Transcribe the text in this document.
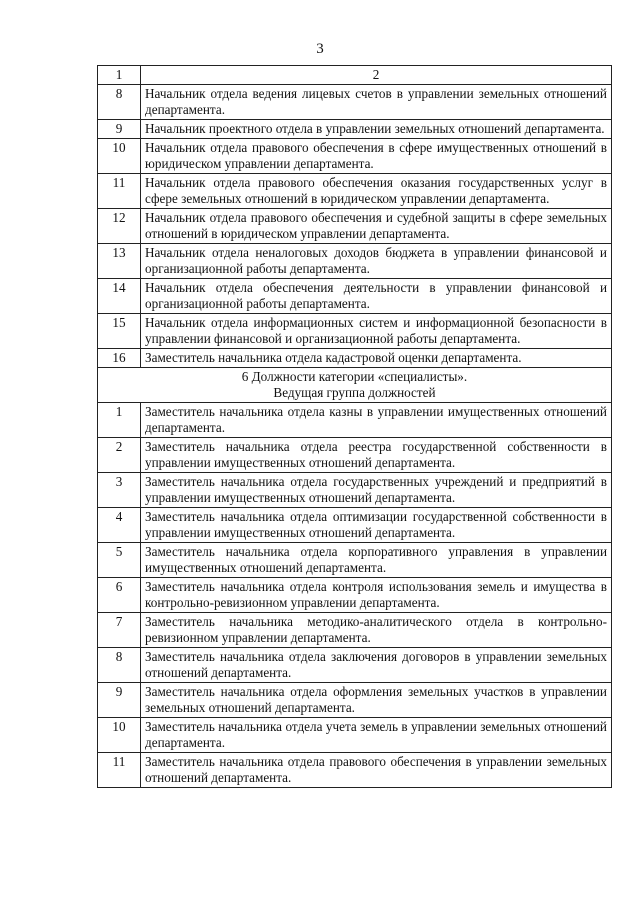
3
1	2
8	Начальник отдела ведения лицевых счетов в управлении земельных отношений департамента.
9	Начальник проектного отдела в управлении земельных отношений департамента.
10	Начальник отдела правового обеспечения в сфере имущественных отношений в юридическом управлении департамента.
11	Начальник отдела правового обеспечения оказания государственных услуг в сфере земельных отношений в юридическом управлении департамента.
12	Начальник отдела правового обеспечения и судебной защиты в сфере земельных отношений в юридическом управлении департамента.
13	Начальник отдела неналоговых доходов бюджета в управлении финансовой и организационной работы департамента.
14	Начальник отдела обеспечения деятельности в управлении финансовой и организационной работы департамента.
15	Начальник отдела информационных систем и информационной безопасности в управлении финансовой и организационной работы департамента.
16	Заместитель начальника отдела кадастровой оценки департамента.

6 Должности категории «специалисты».
Ведущая группа должностей	

1	Заместитель начальника отдела казны в управлении имущественных отношений департамента.
2	Заместитель начальника отдела реестра государственной собственности в управлении имущественных отношений департамента.
3	Заместитель начальника отдела государственных учреждений и предприятий в управлении имущественных отношений департамента.
4	Заместитель начальника отдела оптимизации государственной собственности в управлении имущественных отношений департамента.
5	Заместитель начальника отдела корпоративного управления в управлении имущественных отношений департамента.
6	Заместитель начальника отдела контроля использования земель и имущества в контрольно-ревизионном управлении департамента.
7	Заместитель начальника методико-аналитического отдела в контрольно-ревизионном управлении департамента.
8	Заместитель начальника отдела заключения договоров в управлении земельных отношений департамента.
9	Заместитель начальника отдела оформления земельных участков в управлении земельных отношений департамента.
10	Заместитель начальника отдела учета земель в управлении земельных отношений департамента.
11	Заместитель начальника отдела правового обеспечения в управлении земельных отношений департамента.
